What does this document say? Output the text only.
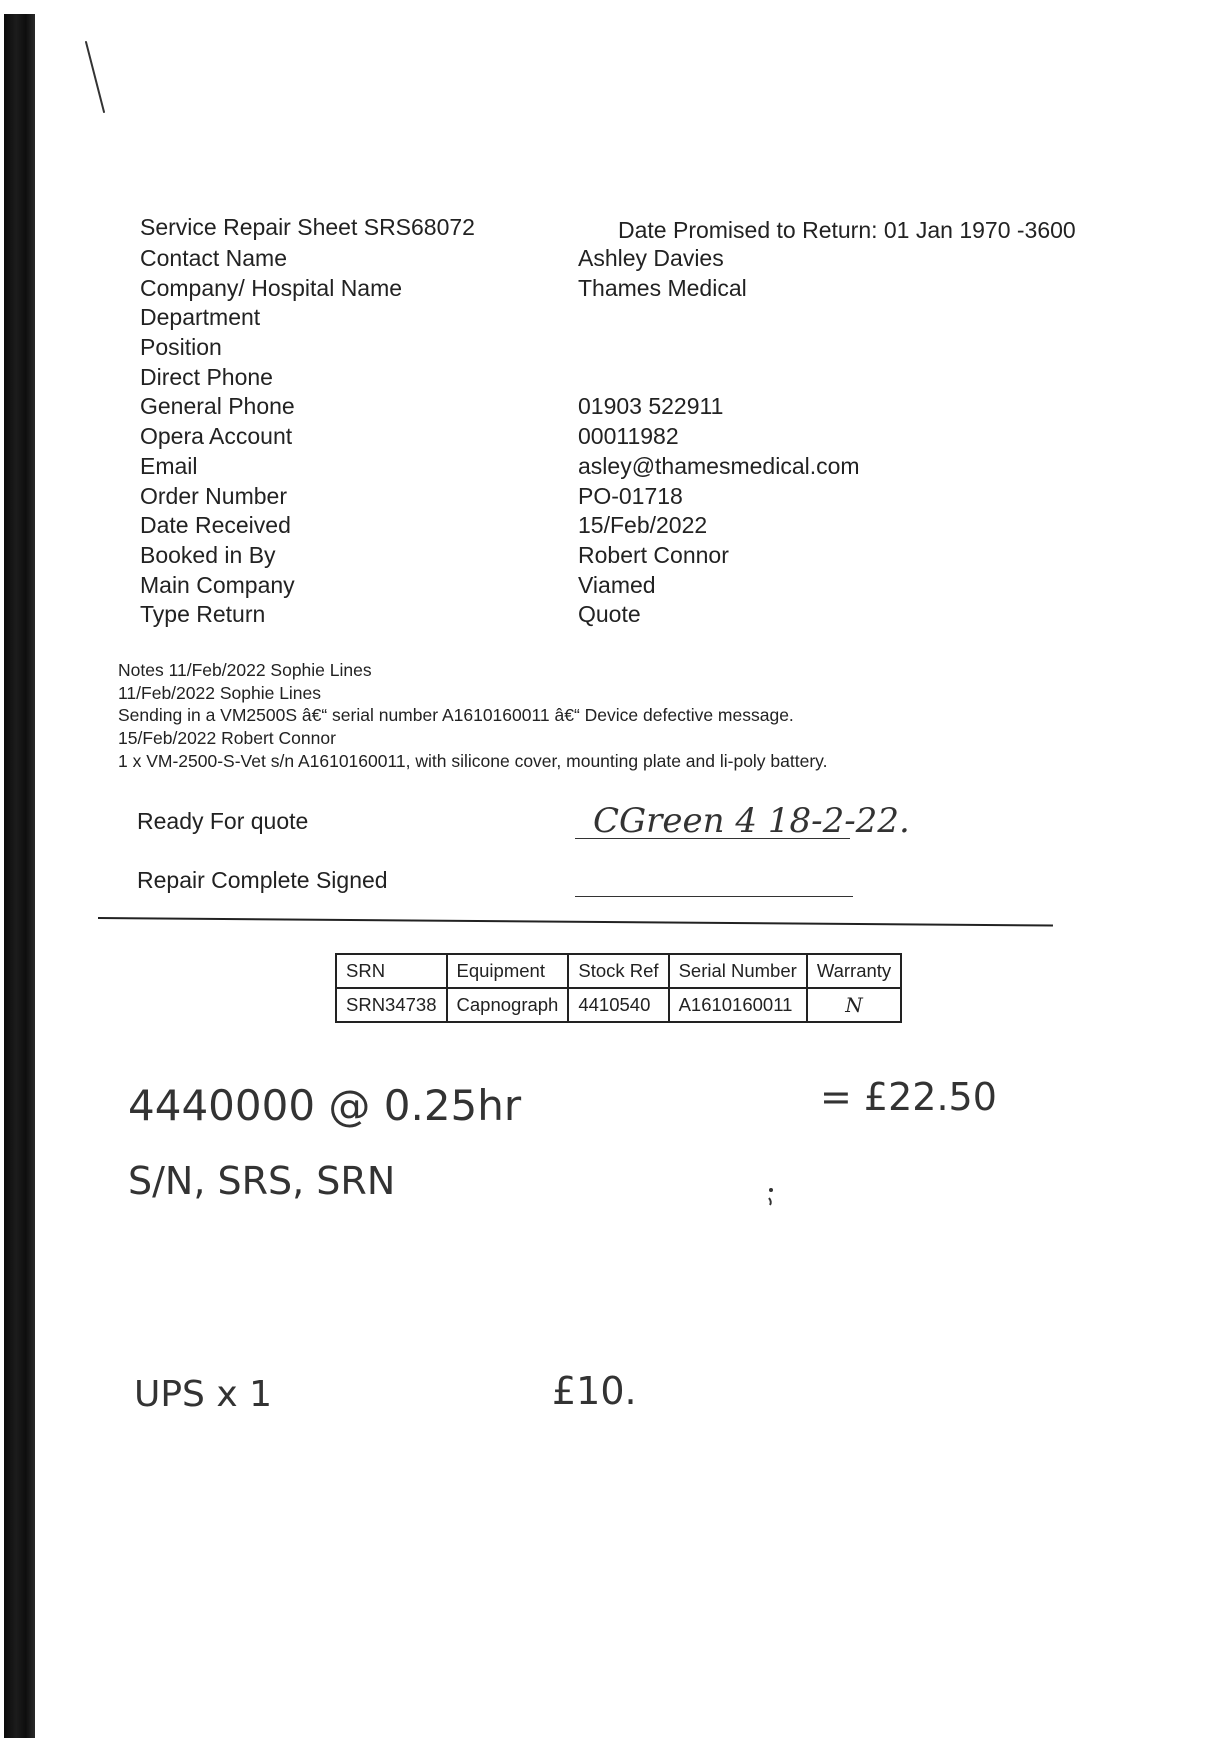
Service Repair Sheet SRS68072	Date Promised to Return: 01 Jan 1970 -3600
Contact Name	Ashley Davies
Company/ Hospital Name	Thames Medical
Department
Position
Direct Phone
General Phone	01903 522911
Opera Account	00011982
Email	asley@thamesmedical.com
Order Number	PO-01718
Date Received	15/Feb/2022
Booked in By	Robert Connor
Main Company	Viamed
Type Return	Quote
Notes 11/Feb/2022 Sophie Lines
11/Feb/2022 Sophie Lines
Sending in a VM2500S â€“ serial number A1610160011 â€“ Device defective message.
15/Feb/2022 Robert Connor
1 x VM-2500-S-Vet s/n A1610160011, with silicone cover, mounting plate and li-poly battery.
Ready For quote	CGreen 4 18-2-22.
Repair Complete Signed
SRN	Equipment	Stock Ref	Serial Number	Warranty
SRN34738	Capnograph	4410540	A1610160011	N
4440000 @ 0.25hr	= £22.50
S/N, SRS, SRN
UPS x 1	£10.
